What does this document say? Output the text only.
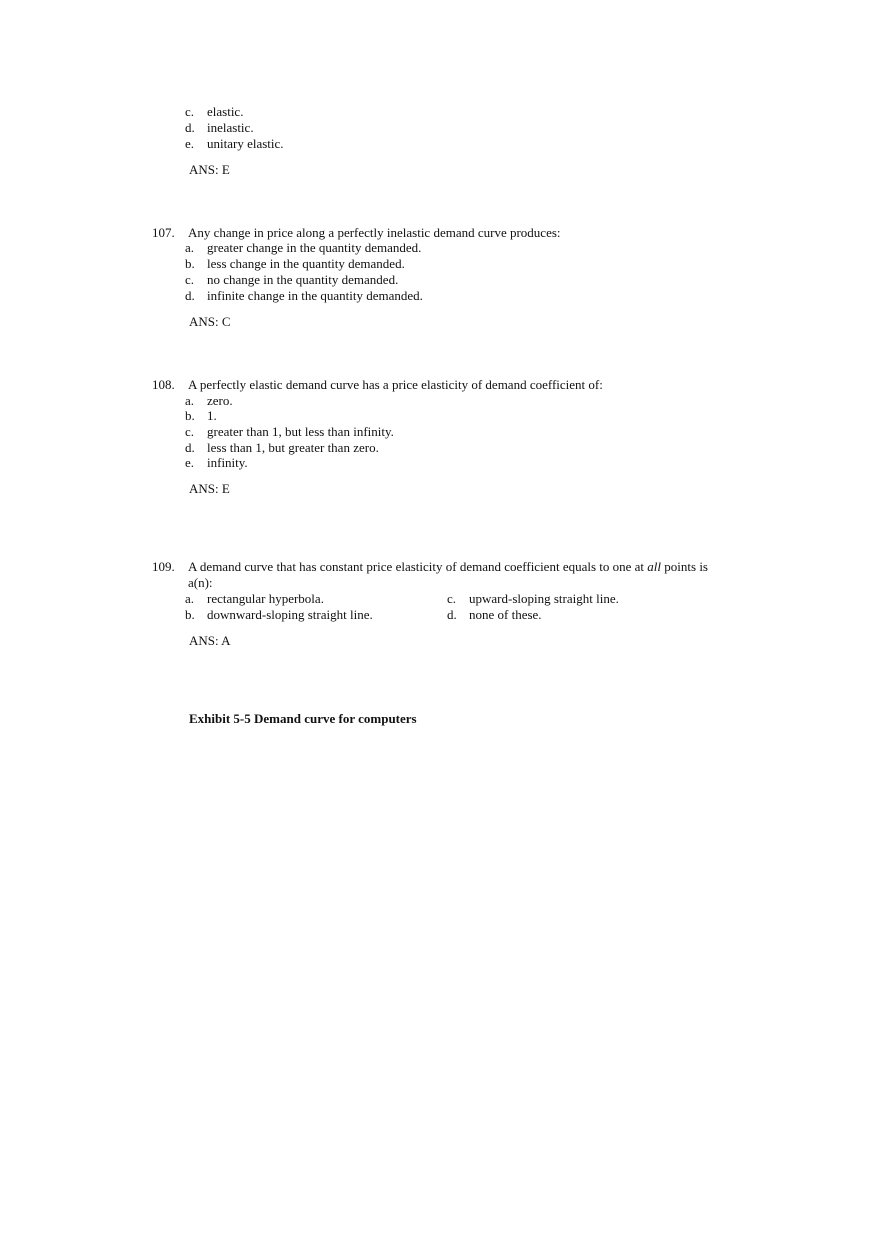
c. elastic.
d. inelastic.
e. unitary elastic.
ANS: E
107. Any change in price along a perfectly inelastic demand curve produces:
a. greater change in the quantity demanded.
b. less change in the quantity demanded.
c. no change in the quantity demanded.
d. infinite change in the quantity demanded.
ANS: C
108. A perfectly elastic demand curve has a price elasticity of demand coefficient of:
a. zero.
b. 1.
c. greater than 1, but less than infinity.
d. less than 1, but greater than zero.
e. infinity.
ANS: E
109. A demand curve that has constant price elasticity of demand coefficient equals to one at all points is
a(n):
a. rectangular hyperbola.
b. downward-sloping straight line.
c. upward-sloping straight line.
d. none of these.
ANS: A
Exhibit 5-5 Demand curve for computers
